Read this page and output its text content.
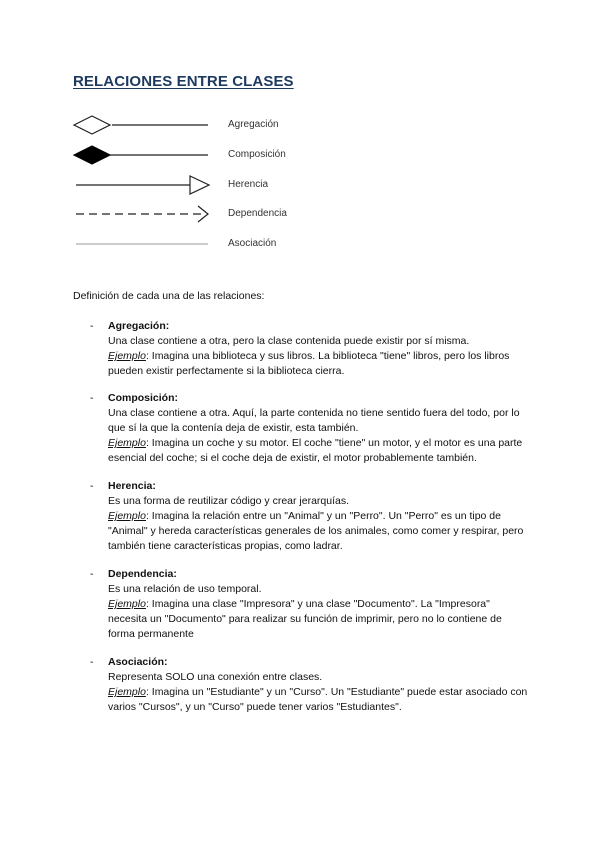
RELACIONES ENTRE CLASES
Agregación
Composición
Herencia
Dependencia
Asociación
Definición de cada una de las relaciones:
- Agregación:
Una clase contiene a otra, pero la clase contenida puede existir por sí misma.
Ejemplo: Imagina una biblioteca y sus libros. La biblioteca "tiene" libros, pero los libros pueden existir perfectamente si la biblioteca cierra.
- Composición:
Una clase contiene a otra. Aquí, la parte contenida no tiene sentido fuera del todo, por lo que sí la que la contenía deja de existir, esta también.
Ejemplo: Imagina un coche y su motor. El coche "tiene" un motor, y el motor es una parte esencial del coche; si el coche deja de existir, el motor probablemente también.
- Herencia:
Es una forma de reutilizar código y crear jerarquías.
Ejemplo: Imagina la relación entre un "Animal" y un "Perro". Un "Perro" es un tipo de "Animal" y hereda características generales de los animales, como comer y respirar, pero también tiene características propias, como ladrar.
- Dependencia:
Es una relación de uso temporal.
Ejemplo: Imagina una clase "Impresora" y una clase "Documento". La "Impresora" necesita un "Documento" para realizar su función de imprimir, pero no lo contiene de forma permanente
- Asociación:
Representa SOLO una conexión entre clases.
Ejemplo: Imagina un "Estudiante" y un "Curso". Un "Estudiante" puede estar asociado con varios "Cursos", y un "Curso" puede tener varios "Estudiantes".
